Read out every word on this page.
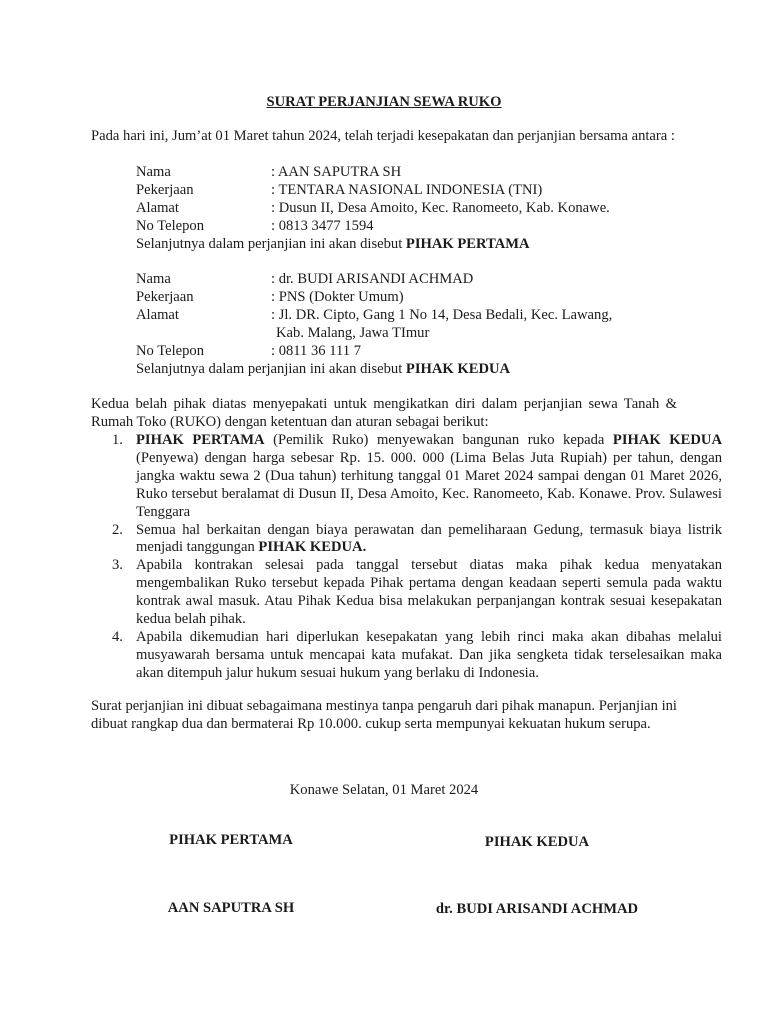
SURAT PERJANJIAN SEWA RUKO
Pada hari ini, Jum’at 01 Maret tahun 2024, telah terjadi kesepakatan dan perjanjian bersama antara :
Nama	: AAN SAPUTRA SH
Pekerjaan	: TENTARA NASIONAL INDONESIA (TNI)
Alamat	: Dusun II, Desa Amoito, Kec. Ranomeeto, Kab. Konawe.
No Telepon	: 0813 3477 1594
Selanjutnya dalam perjanjian ini akan disebut PIHAK PERTAMA
Nama	: dr. BUDI ARISANDI ACHMAD
Pekerjaan	: PNS (Dokter Umum)
Alamat	: Jl. DR. Cipto, Gang 1 No 14, Desa Bedali, Kec. Lawang,
Kab. Malang, Jawa TImur
No Telepon	: 0811 36 111 7
Selanjutnya dalam perjanjian ini akan disebut PIHAK KEDUA
Kedua belah pihak diatas menyepakati untuk mengikatkan diri dalam perjanjian sewa Tanah & Rumah Toko (RUKO) dengan ketentuan dan aturan sebagai berikut:
1. PIHAK PERTAMA (Pemilik Ruko) menyewakan bangunan ruko kepada PIHAK KEDUA (Penyewa) dengan harga sebesar Rp. 15. 000. 000 (Lima Belas Juta Rupiah) per tahun, dengan jangka waktu sewa 2 (Dua tahun) terhitung tanggal 01 Maret 2024 sampai dengan 01 Maret 2026, Ruko tersebut beralamat di Dusun II, Desa Amoito, Kec. Ranomeeto, Kab. Konawe. Prov. Sulawesi Tenggara
2. Semua hal berkaitan dengan biaya perawatan dan pemeliharaan Gedung, termasuk biaya listrik menjadi tanggungan PIHAK KEDUA.
3. Apabila kontrakan selesai pada tanggal tersebut diatas maka pihak kedua menyatakan mengembalikan Ruko tersebut kepada Pihak pertama dengan keadaan seperti semula pada waktu kontrak awal masuk. Atau Pihak Kedua bisa melakukan perpanjangan kontrak sesuai kesepakatan kedua belah pihak.
4. Apabila dikemudian hari diperlukan kesepakatan yang lebih rinci maka akan dibahas melalui musyawarah bersama untuk mencapai kata mufakat. Dan jika sengketa tidak terselesaikan maka akan ditempuh jalur hukum sesuai hukum yang berlaku di Indonesia.
Surat perjanjian ini dibuat sebagaimana mestinya tanpa pengaruh dari pihak manapun. Perjanjian ini dibuat rangkap dua dan bermaterai Rp 10.000. cukup serta mempunyai kekuatan hukum serupa.
Konawe Selatan, 01 Maret 2024
PIHAK PERTAMA	PIHAK KEDUA
AAN SAPUTRA SH	dr. BUDI ARISANDI ACHMAD
